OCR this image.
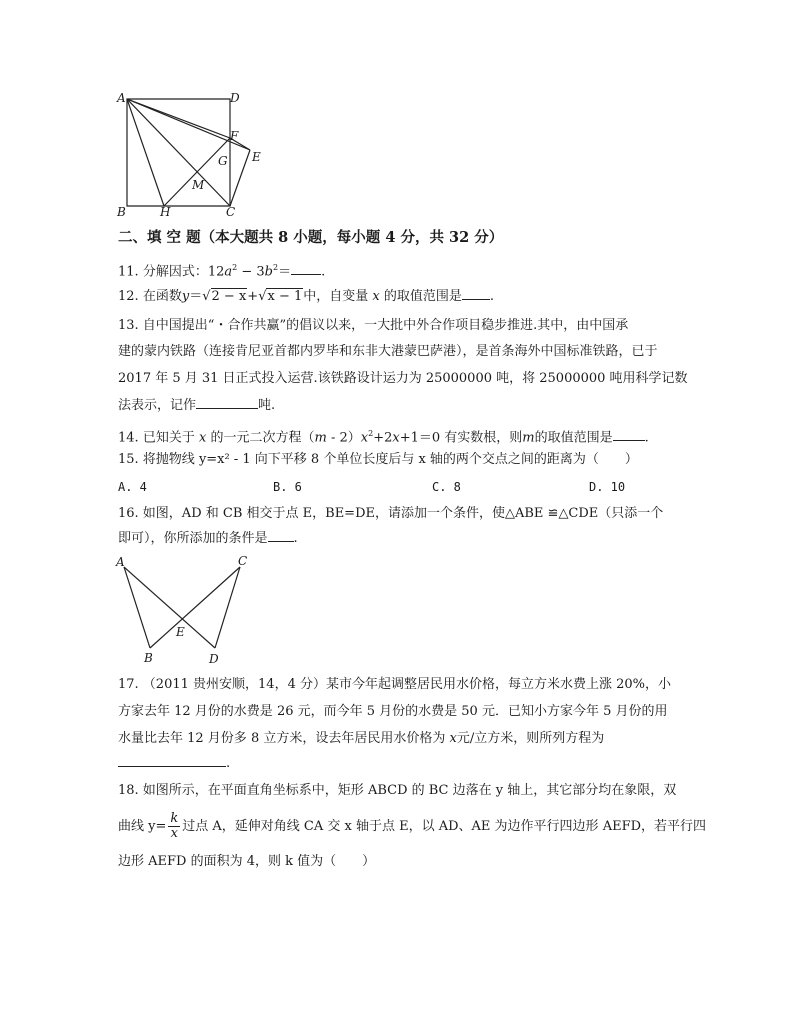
A	D
F
E
G
M
B	H	C
二、填 空 题（本大题共 8 小题，每小题 4 分，共 32 分）
11. 分解因式：$12a^2 - 3b^2=$ .
12. 在函数y＝√2 − x+√x − 1中，自变量 x 的取值范围是 .
13. 自中国提出“・合作共赢”的倡议以来，一大批中外合作项目稳步推进.其中，由中国承
建的蒙内铁路（连接肯尼亚首都内罗毕和东非大港蒙巴萨港），是首条海外中国标准铁路，已于
2017 年 5 月 31 日正式投入运营.该铁路设计运力为 25000000 吨，将 25000000 吨用科学记数
法表示，记作	吨.
14. 已知关于 x 的一元二次方程$(m - 2)x^2+2x+1=0$ 有实数根，则m的取值范围是 .
15. 将抛物线 y=x² - 1 向下平移 8 个单位长度后与 x 轴的两个交点之间的距离为（　　）
A. 4	B. 6	C. 8	D. 10
16. 如图，AD 和 CB 相交于点 E，BE=DE，请添加一个条件，使△ABE ≌△CDE（只添一个
即可），你所添加的条件是 .
A	C
E
B	D
17. （2011 贵州安顺，14，4 分）某市今年起调整居民用水价格，每立方米水费上涨 20%，小
方家去年 12 月份的水费是 26 元，而今年 5 月份的水费是 50 元．已知小方家今年 5 月份的用
水量比去年 12 月份多 8 立方米，设去年居民用水价格为 x元/立方米，则所列方程为
.
18. 如图所示，在平面直角坐标系中，矩形 ABCD 的 BC 边落在 y 轴上，其它部分均在象限，双
曲线 $y= \frac{k}{x}$ 过点 A，延伸对角线 CA 交 x 轴于点 E，以 AD、AE 为边作平行四边形 AEFD，若平行四
边形 AEFD 的面积为 4，则 k 值为（　　）
